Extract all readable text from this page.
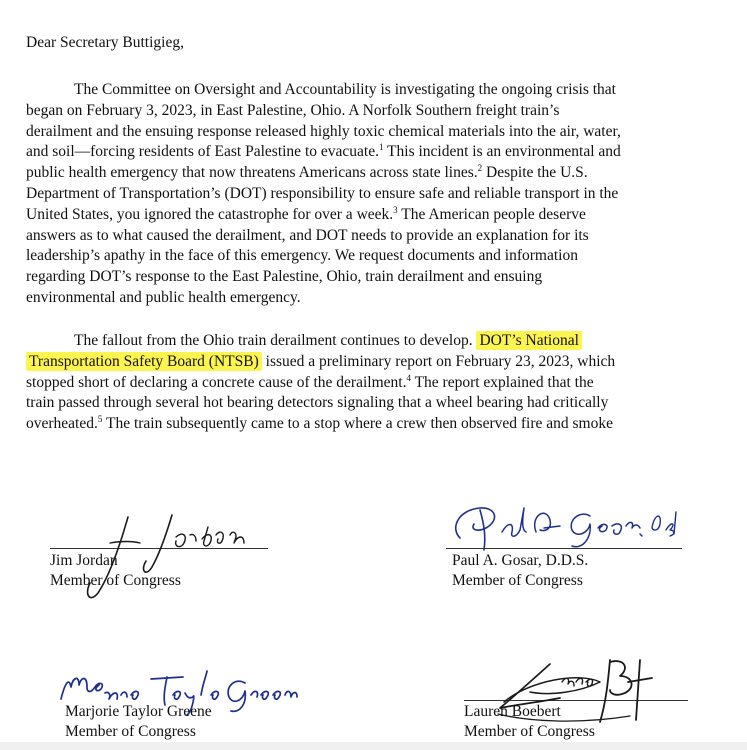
Dear Secretary Buttigieg,
The Committee on Oversight and Accountability is investigating the ongoing crisis that
began on February 3, 2023, in East Palestine, Ohio. A Norfolk Southern freight train’s
derailment and the ensuing response released highly toxic chemical materials into the air, water,
and soil—forcing residents of East Palestine to evacuate.$^1$ This incident is an environmental and
public health emergency that now threatens Americans across state lines.$^2$ Despite the U.S.
Department of Transportation’s (DOT) responsibility to ensure safe and reliable transport in the
United States, you ignored the catastrophe for over a week.$^3$ The American people deserve
answers as to what caused the derailment, and DOT needs to provide an explanation for its
leadership’s apathy in the face of this emergency. We request documents and information
regarding DOT’s response to the East Palestine, Ohio, train derailment and ensuing
environmental and public health emergency.
The fallout from the Ohio train derailment continues to develop. DOT’s National
Transportation Safety Board (NTSB) issued a preliminary report on February 23, 2023, which
stopped short of declaring a concrete cause of the derailment.$^4$ The report explained that the
train passed through several hot bearing detectors signaling that a wheel bearing had critically
overheated.$^5$ The train subsequently came to a stop where a crew then observed fire and smoke
Jim Jordan
Member of Congress
Paul A. Gosar, D.D.S.
Member of Congress
Marjorie Taylor Greene
Member of Congress
Lauren Boebert
Member of Congress
